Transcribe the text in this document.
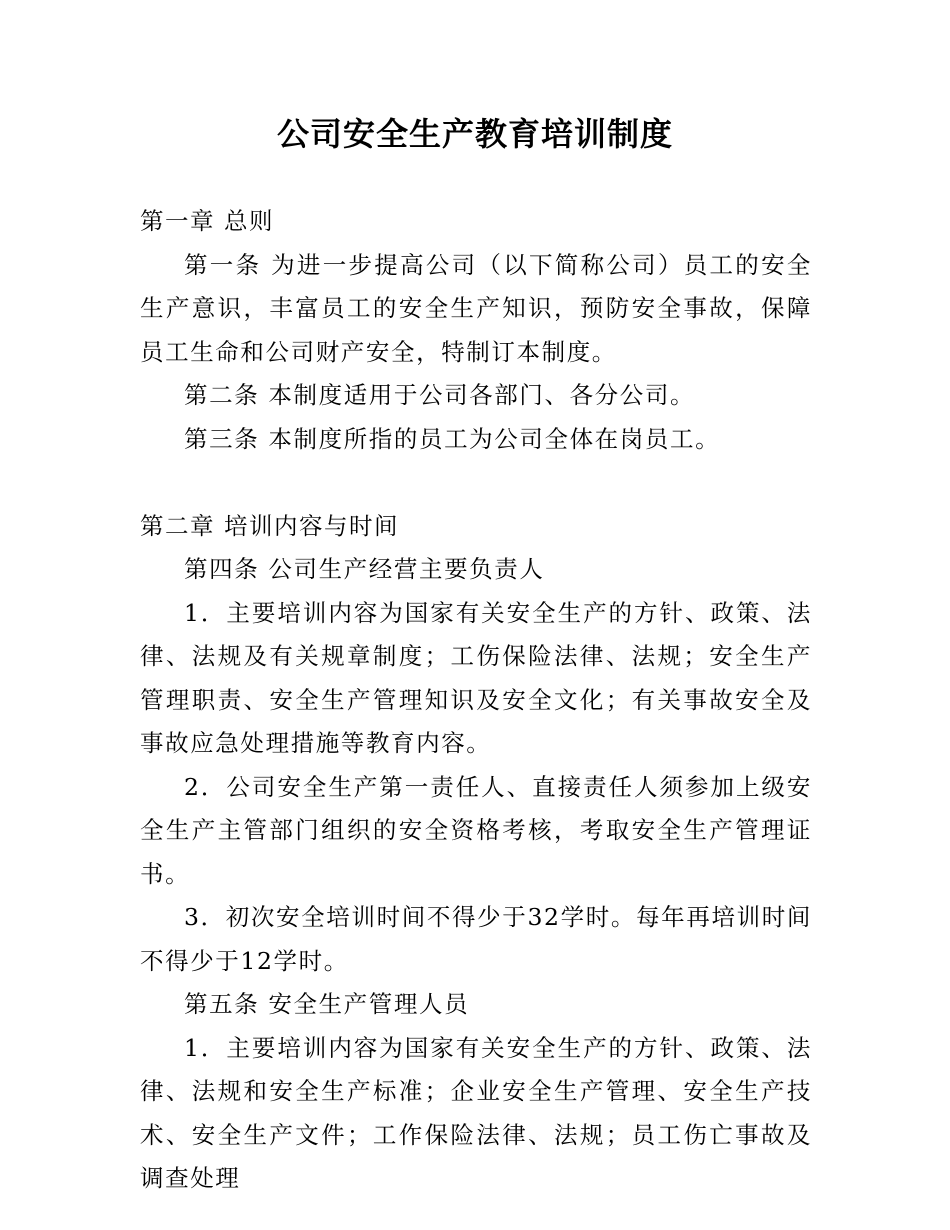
公司安全生产教育培训制度

第一章 总则

第一条 为进一步提高公司（以下简称公司）员工的安全生产意识，丰富员工的安全生产知识，预防安全事故，保障员工生命和公司财产安全，特制订本制度。

第二条 本制度适用于公司各部门、各分公司。

第三条 本制度所指的员工为公司全体在岗员工。

第二章 培训内容与时间

第四条 公司生产经营主要负责人

1．主要培训内容为国家有关安全生产的方针、政策、法律、法规及有关规章制度；工伤保险法律、法规；安全生产管理职责、安全生产管理知识及安全文化；有关事故安全及事故应急处理措施等教育内容。

2．公司安全生产第一责任人、直接责任人须参加上级安全生产主管部门组织的安全资格考核，考取安全生产管理证书。

3．初次安全培训时间不得少于32学时。每年再培训时间不得少于12学时。

第五条 安全生产管理人员

1．主要培训内容为国家有关安全生产的方针、政策、法律、法规和安全生产标准；企业安全生产管理、安全生产技术、安全生产文件；工作保险法律、法规；员工伤亡事故及调查处理
